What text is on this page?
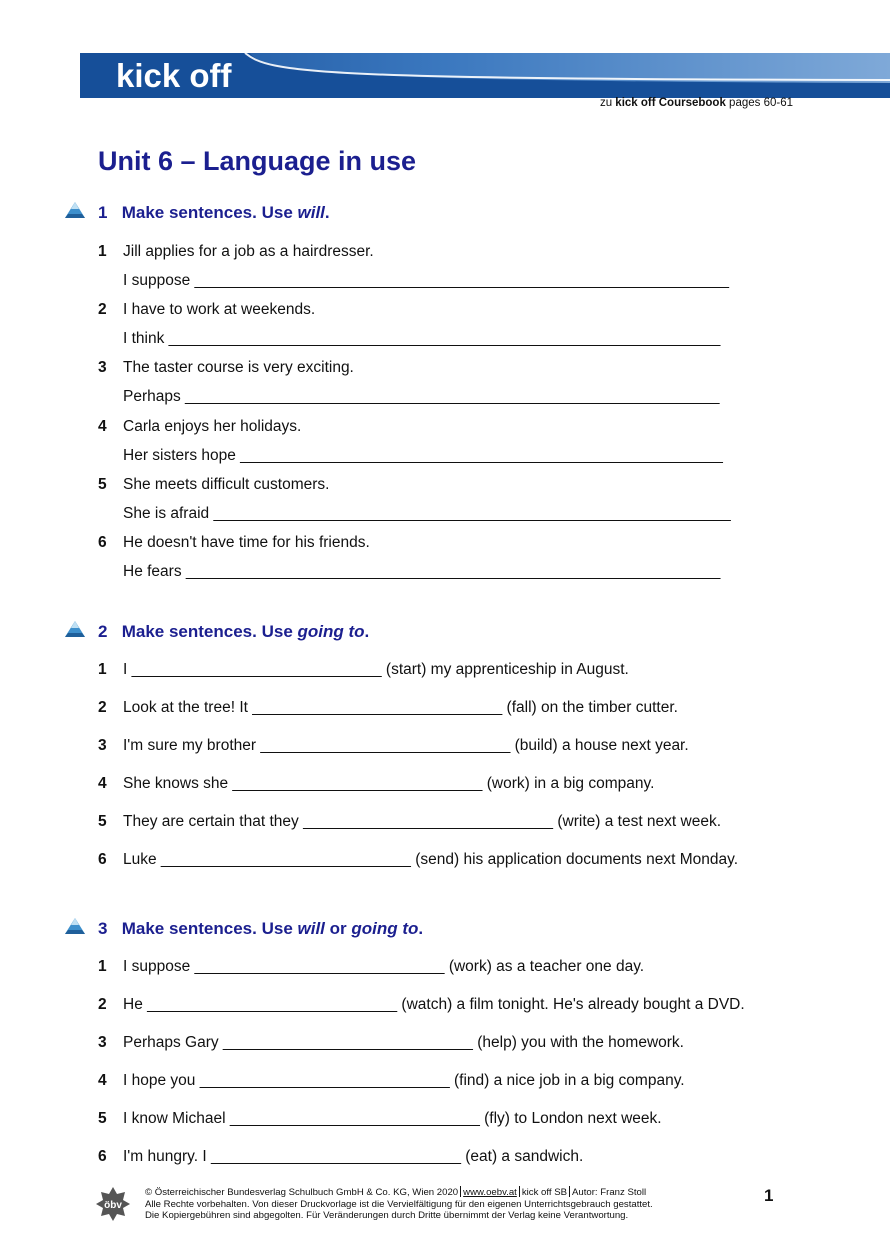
kick off
zu kick off Coursebook pages 60-61
Unit 6 – Language in use
1 Make sentences. Use will.
1 Jill applies for a job as a hairdresser.
I suppose ______________________________________________________________
2 I have to work at weekends.
I think ________________________________________________________________
3 The taster course is very exciting.
Perhaps ______________________________________________________________
4 Carla enjoys her holidays.
Her sisters hope ________________________________________________________
5 She meets difficult customers.
She is afraid ____________________________________________________________
6 He doesn't have time for his friends.
He fears ______________________________________________________________
2 Make sentences. Use going to.
1 I _____________________________ (start) my apprenticeship in August.
2 Look at the tree! It _____________________________ (fall) on the timber cutter.
3 I'm sure my brother _____________________________ (build) a house next year.
4 She knows she _____________________________ (work) in a big company.
5 They are certain that they _____________________________ (write) a test next week.
6 Luke _____________________________ (send) his application documents next Monday.
3 Make sentences. Use will or going to.
1 I suppose _____________________________ (work) as a teacher one day.
2 He _____________________________ (watch) a film tonight. He's already bought a DVD.
3 Perhaps Gary _____________________________ (help) you with the homework.
4 I hope you _____________________________ (find) a nice job in a big company.
5 I know Michael _____________________________ (fly) to London next week.
6 I'm hungry. I _____________________________ (eat) a sandwich.
öbv
© Österreichischer Bundesverlag Schulbuch GmbH & Co. KG, Wien 2020 www.oebv.at kick off SB Autor: Franz Stoll
Alle Rechte vorbehalten. Von dieser Druckvorlage ist die Vervielfältigung für den eigenen Unterrichtsgebrauch gestattet.
Die Kopiergebühren sind abgegolten. Für Veränderungen durch Dritte übernimmt der Verlag keine Verantwortung.
1
